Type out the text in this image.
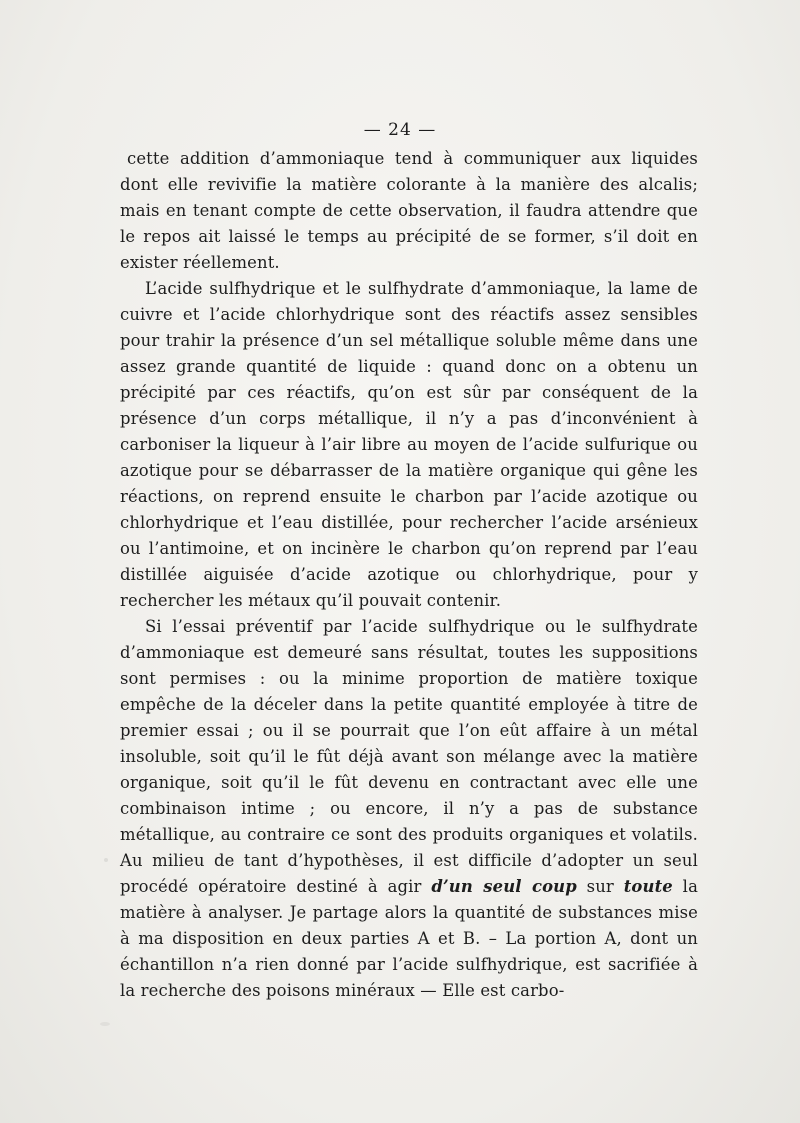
— 24 —

cette addition d’ammoniaque tend à communiquer aux liquides dont elle revivifie la matière colorante à la manière des alcalis; mais en tenant compte de cette observation, il faudra attendre que le repos ait laissé le temps au précipité de se former, s’il doit en exister réellement.

L’acide sulfhydrique et le sulfhydrate d’ammoniaque, la lame de cuivre et l’acide chlorhydrique sont des réactifs assez sensibles pour trahir la présence d’un sel métallique soluble même dans une assez grande quantité de liquide : quand donc on a obtenu un précipité par ces réactifs, qu’on est sûr par conséquent de la présence d’un corps métallique, il n’y a pas d’inconvénient à carboniser la liqueur à l’air libre au moyen de l’acide sulfurique ou azotique pour se débarrasser de la matière organique qui gêne les réactions, on reprend ensuite le charbon par l’acide azotique ou chlorhydrique et l’eau distillée, pour rechercher l’acide arsénieux ou l’antimoine, et on incinère le charbon qu’on reprend par l’eau distillée aiguisée d’acide azotique ou chlorhydrique, pour y rechercher les métaux qu’il pouvait contenir.

Si l’essai préventif par l’acide sulfhydrique ou le sulfhydrate d’ammoniaque est demeuré sans résultat, toutes les suppositions sont permises : ou la minime proportion de matière toxique empêche de la déceler dans la petite quantité employée à titre de premier essai ; ou il se pourrait que l’on eût affaire à un métal insoluble, soit qu’il le fût déjà avant son mélange avec la matière organique, soit qu’il le fût devenu en contractant avec elle une combinaison intime ; ou encore, il n’y a pas de substance métallique, au contraire ce sont des produits organiques et volatils. Au milieu de tant d’hypothèses, il est difficile d’adopter un seul procédé opératoire destiné à agir d’un seul coup sur toute la matière à analyser. Je partage alors la quantité de substances mise à ma disposition en deux parties A et B. – La portion A, dont un échantillon n’a rien donné par l’acide sulfhydrique, est sacrifiée à la recherche des poisons minéraux — Elle est carbo-
